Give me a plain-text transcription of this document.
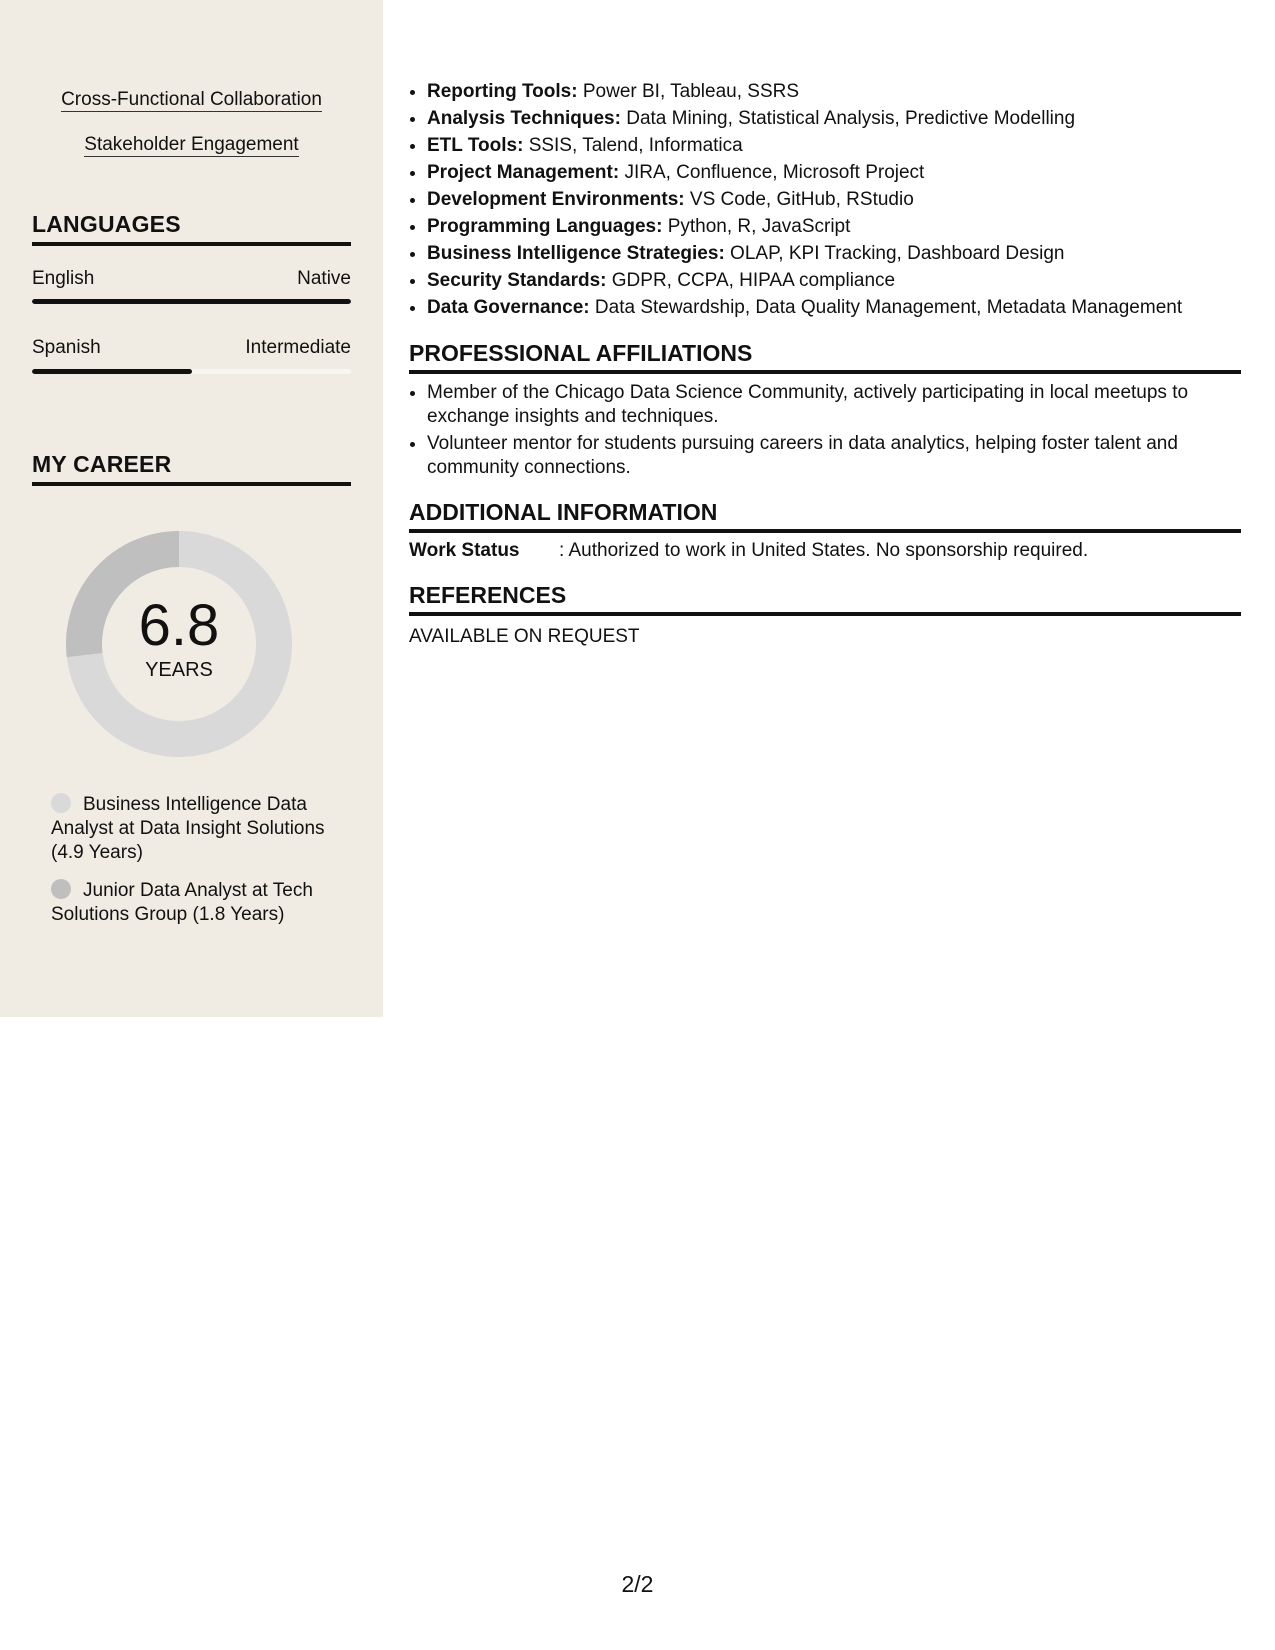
Cross-Functional Collaboration
Stakeholder Engagement
LANGUAGES
English	Native
Spanish	Intermediate
MY CAREER
6.8
YEARS
Business Intelligence Data Analyst at Data Insight Solutions (4.9 Years)
Junior Data Analyst at Tech Solutions Group (1.8 Years)
• Reporting Tools: Power BI, Tableau, SSRS
• Analysis Techniques: Data Mining, Statistical Analysis, Predictive Modelling
• ETL Tools: SSIS, Talend, Informatica
• Project Management: JIRA, Confluence, Microsoft Project
• Development Environments: VS Code, GitHub, RStudio
• Programming Languages: Python, R, JavaScript
• Business Intelligence Strategies: OLAP, KPI Tracking, Dashboard Design
• Security Standards: GDPR, CCPA, HIPAA compliance
• Data Governance: Data Stewardship, Data Quality Management, Metadata Management
PROFESSIONAL AFFILIATIONS
• Member of the Chicago Data Science Community, actively participating in local meetups to exchange insights and techniques.
• Volunteer mentor for students pursuing careers in data analytics, helping foster talent and community connections.
ADDITIONAL INFORMATION
Work Status	: Authorized to work in United States. No sponsorship required.
REFERENCES
AVAILABLE ON REQUEST
2/2
